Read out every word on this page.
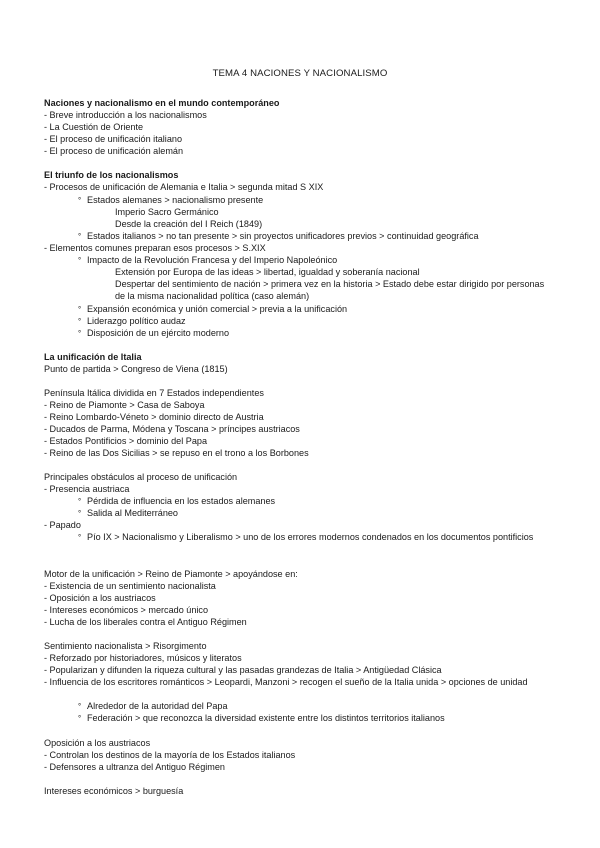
TEMA 4 NACIONES Y NACIONALISMO
Naciones y nacionalismo en el mundo contemporáneo
- Breve introducción a los nacionalismos
- La Cuestión de Oriente
- El proceso de unificación italiano
- El proceso de unificación alemán
El triunfo de los nacionalismos
- Procesos de unificación de Alemania e Italia > segunda mitad S XIX
° Estados alemanes > nacionalismo presente
Imperio Sacro Germánico
Desde la creación del I Reich (1849)
° Estados italianos > no tan presente > sin proyectos unificadores previos > continuidad geográfica
- Elementos comunes preparan esos procesos > S.XIX
° Impacto de la Revolución Francesa y del Imperio Napoleónico
Extensión por Europa de las ideas > libertad, igualdad y soberanía nacional
Despertar del sentimiento de nación > primera vez en la historia > Estado debe estar dirigido por personas de la misma nacionalidad política (caso alemán)
° Expansión económica y unión comercial > previa a la unificación
° Liderazgo político audaz
° Disposición de un ejército moderno
La unificación de Italia
Punto de partida > Congreso de Viena (1815)
Península Itálica dividida en 7 Estados independientes
- Reino de Piamonte > Casa de Saboya
- Reino Lombardo-Véneto > dominio directo de Austria
- Ducados de Parma, Módena y Toscana > príncipes austriacos
- Estados Pontificios > dominio del Papa
- Reino de las Dos Sicilias > se repuso en el trono a los Borbones
Principales obstáculos al proceso de unificación
- Presencia austriaca
° Pérdida de influencia en los estados alemanes
° Salida al Mediterráneo
- Papado
° Pío IX > Nacionalismo y Liberalismo > uno de los errores modernos condenados en los documentos pontificios
Motor de la unificación > Reino de Piamonte > apoyándose en:
- Existencia de un sentimiento nacionalista
- Oposición a los austriacos
- Intereses económicos > mercado único
- Lucha de los liberales contra el Antiguo Régimen
Sentimiento nacionalista > Risorgimento
- Reforzado por historiadores, músicos y literatos
- Popularizan y difunden la riqueza cultural y las pasadas grandezas de Italia > Antigüedad Clásica
- Influencia de los escritores románticos > Leopardi, Manzoni > recogen el sueño de la Italia unida > opciones de unidad
° Alrededor de la autoridad del Papa
° Federación > que reconozca la diversidad existente entre los distintos territorios italianos
Oposición a los austriacos
- Controlan los destinos de la mayoría de los Estados italianos
- Defensores a ultranza del Antiguo Régimen
Intereses económicos > burguesía
